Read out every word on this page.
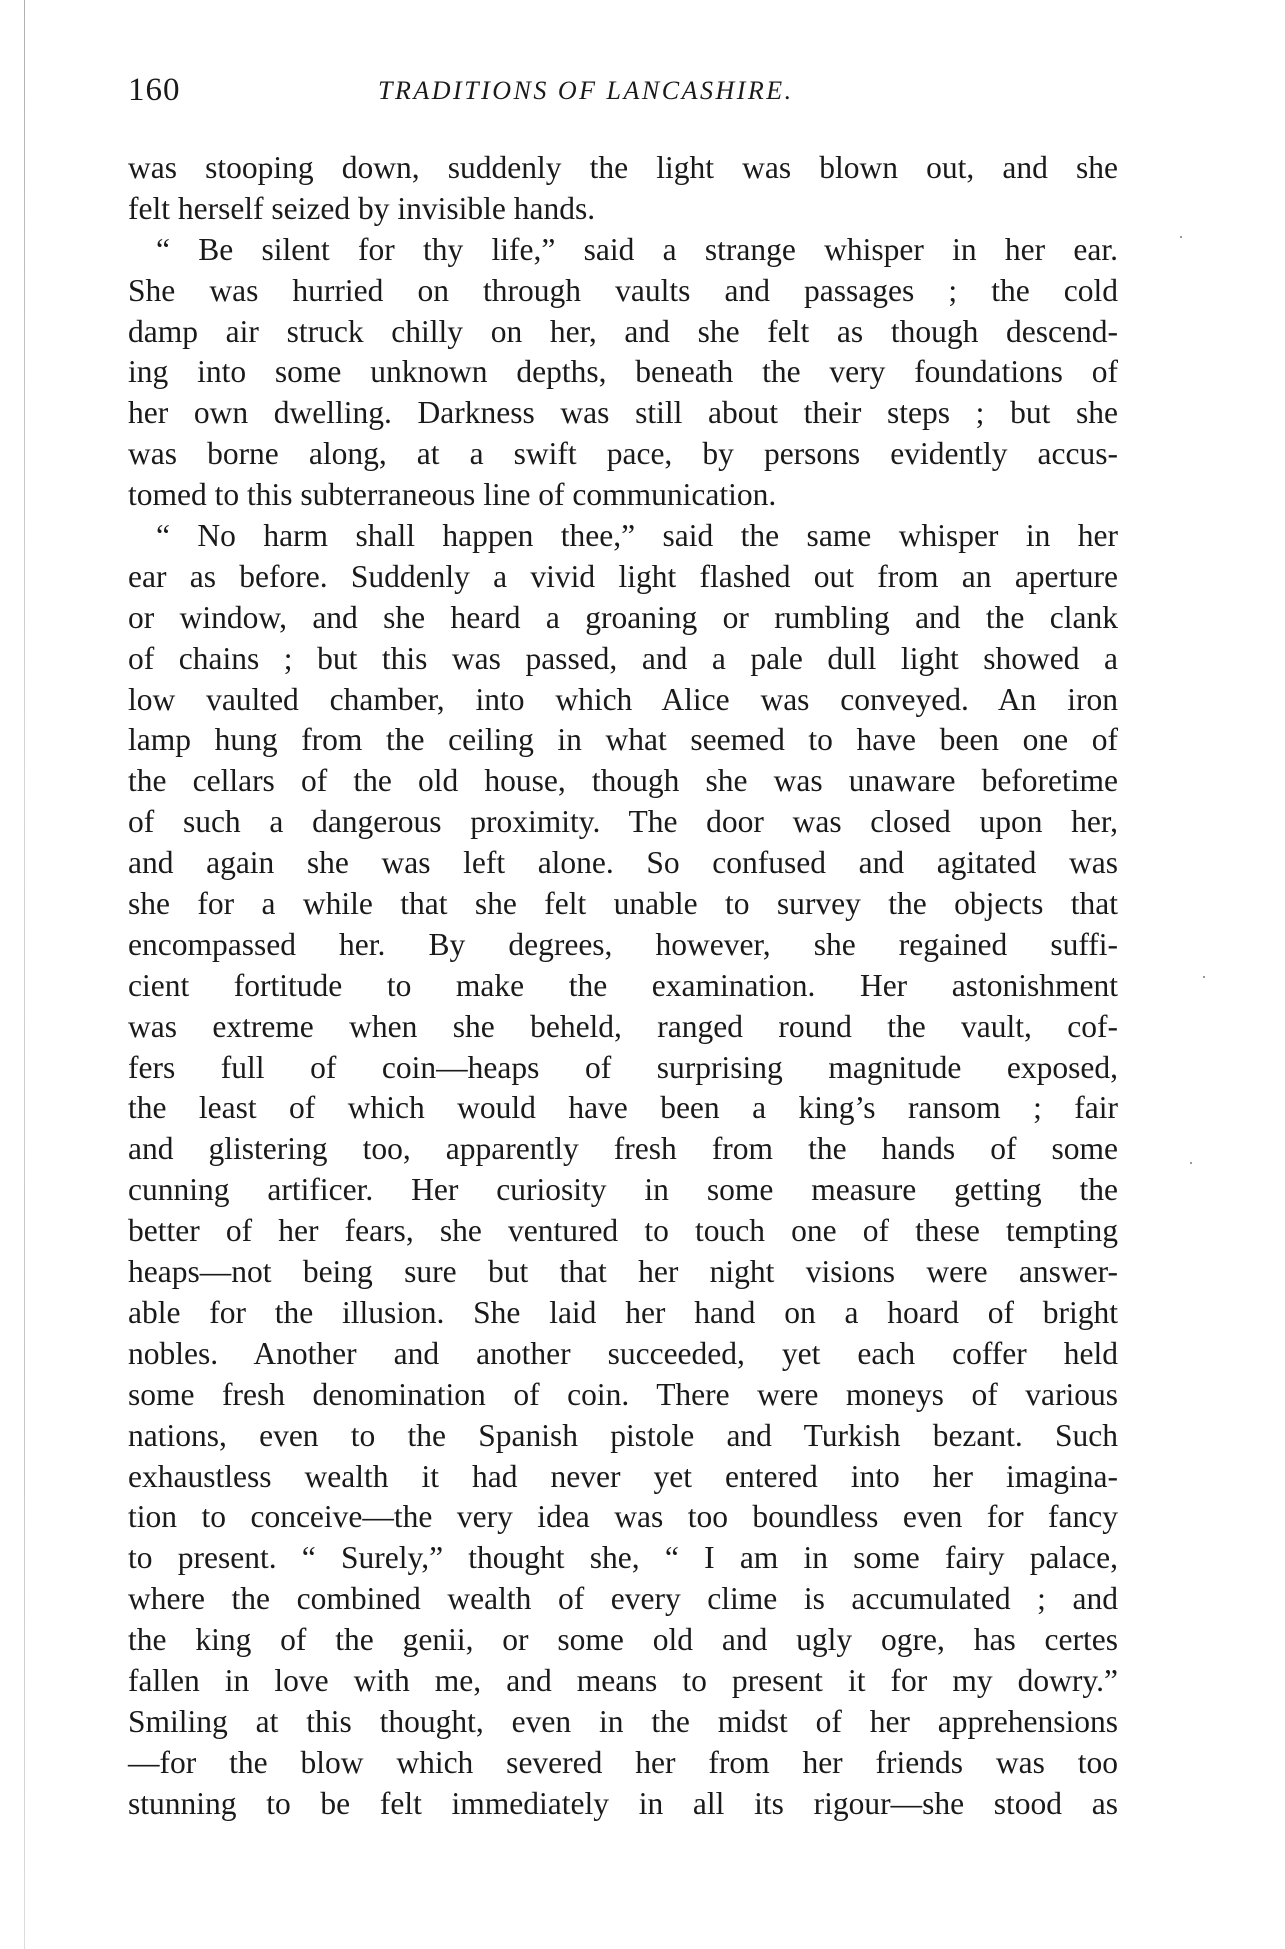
160	TRADITIONS OF LANCASHIRE.
was stooping down, suddenly the light was blown out, and she
felt herself seized by invisible hands.
“ Be silent for thy life,” said a strange whisper in her ear.
She was hurried on through vaults and passages ; the cold
damp air struck chilly on her, and she felt as though descend-
ing into some unknown depths, beneath the very foundations of
her own dwelling. Darkness was still about their steps ; but she
was borne along, at a swift pace, by persons evidently accus-
tomed to this subterraneous line of communication.
“ No harm shall happen thee,” said the same whisper in her
ear as before. Suddenly a vivid light flashed out from an aperture
or window, and she heard a groaning or rumbling and the clank
of chains ; but this was passed, and a pale dull light showed a
low vaulted chamber, into which Alice was conveyed. An iron
lamp hung from the ceiling in what seemed to have been one of
the cellars of the old house, though she was unaware beforetime
of such a dangerous proximity. The door was closed upon her,
and again she was left alone. So confused and agitated was
she for a while that she felt unable to survey the objects that
encompassed her. By degrees, however, she regained suffi-
cient fortitude to make the examination. Her astonishment
was extreme when she beheld, ranged round the vault, cof-
fers full of coin—heaps of surprising magnitude exposed,
the least of which would have been a king’s ransom ; fair
and glistering too, apparently fresh from the hands of some
cunning artificer. Her curiosity in some measure getting the
better of her fears, she ventured to touch one of these tempting
heaps—not being sure but that her night visions were answer-
able for the illusion. She laid her hand on a hoard of bright
nobles. Another and another succeeded, yet each coffer held
some fresh denomination of coin. There were moneys of various
nations, even to the Spanish pistole and Turkish bezant. Such
exhaustless wealth it had never yet entered into her imagina-
tion to conceive—the very idea was too boundless even for fancy
to present. “ Surely,” thought she, “ I am in some fairy palace,
where the combined wealth of every clime is accumulated ; and
the king of the genii, or some old and ugly ogre, has certes
fallen in love with me, and means to present it for my dowry.”
Smiling at this thought, even in the midst of her apprehensions
—for the blow which severed her from her friends was too
stunning to be felt immediately in all its rigour—she stood as
